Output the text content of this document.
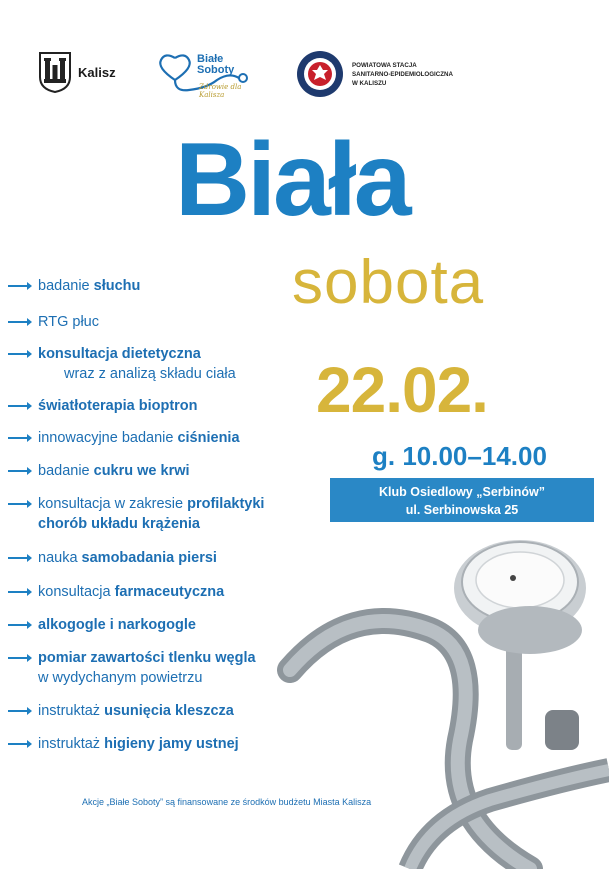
Kalisz
Białe
Soboty
Zdrowie dla Kalisza
POWIATOWA STACJA
SANITARNO-EPIDEMIOLOGICZNA
W KALISZU
Biała
sobota
22.02.
g. 10.00–14.00
Klub Osiedlowy „Serbinów”
ul. Serbinowska 25
badanie słuchu
RTG płuc
konsultacja dietetyczna
wraz z analizą składu ciała
światłoterapia bioptron
innowacyjne badanie ciśnienia
badanie cukru we krwi
konsultacja w zakresie profilaktyki
chorób układu krążenia
nauka samobadania piersi
konsultacja farmaceutyczna
alkogogle i narkogogle
pomiar zawartości tlenku węgla
w wydychanym powietrzu
instruktaż usunięcia kleszcza
instruktaż higieny jamy ustnej
Akcje „Białe Soboty” są finansowane ze środków budżetu Miasta Kalisza
